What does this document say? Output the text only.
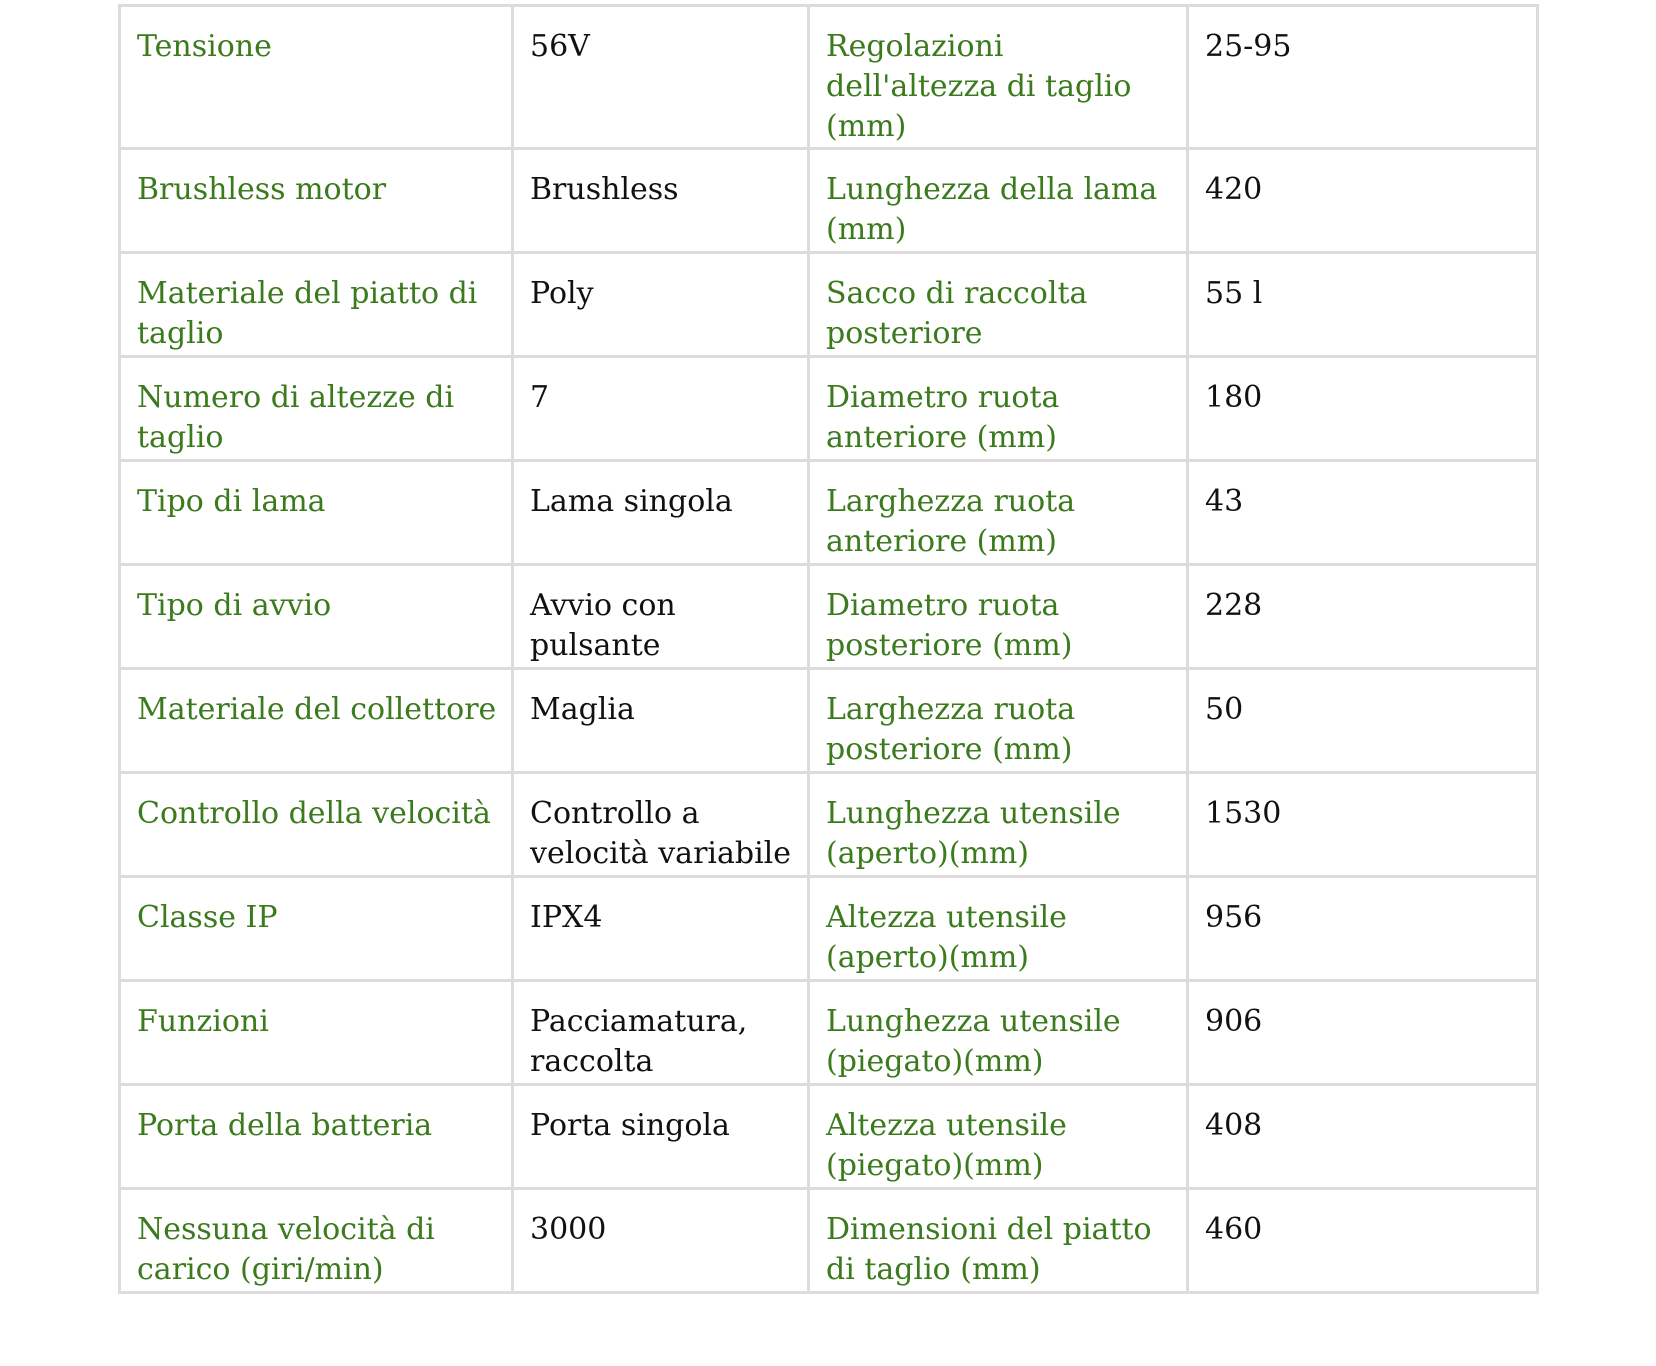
Tensione	56V	Regolazioni dell'altezza di taglio (mm)	25-95
Brushless motor	Brushless	Lunghezza della lama (mm)	420
Materiale del piatto di taglio	Poly	Sacco di raccolta posteriore	55 l
Numero di altezze di taglio	7	Diametro ruota anteriore (mm)	180
Tipo di lama	Lama singola	Larghezza ruota anteriore (mm)	43
Tipo di avvio	Avvio con pulsante	Diametro ruota posteriore (mm)	228
Materiale del collettore	Maglia	Larghezza ruota posteriore (mm)	50
Controllo della velocità	Controllo a velocità variabile	Lunghezza utensile (aperto)(mm)	1530
Classe IP	IPX4	Altezza utensile (aperto)(mm)	956
Funzioni	Pacciamatura, raccolta	Lunghezza utensile (piegato)(mm)	906
Porta della batteria	Porta singola	Altezza utensile (piegato)(mm)	408
Nessuna velocità di carico (giri/min)	3000	Dimensioni del piatto di taglio (mm)	460
